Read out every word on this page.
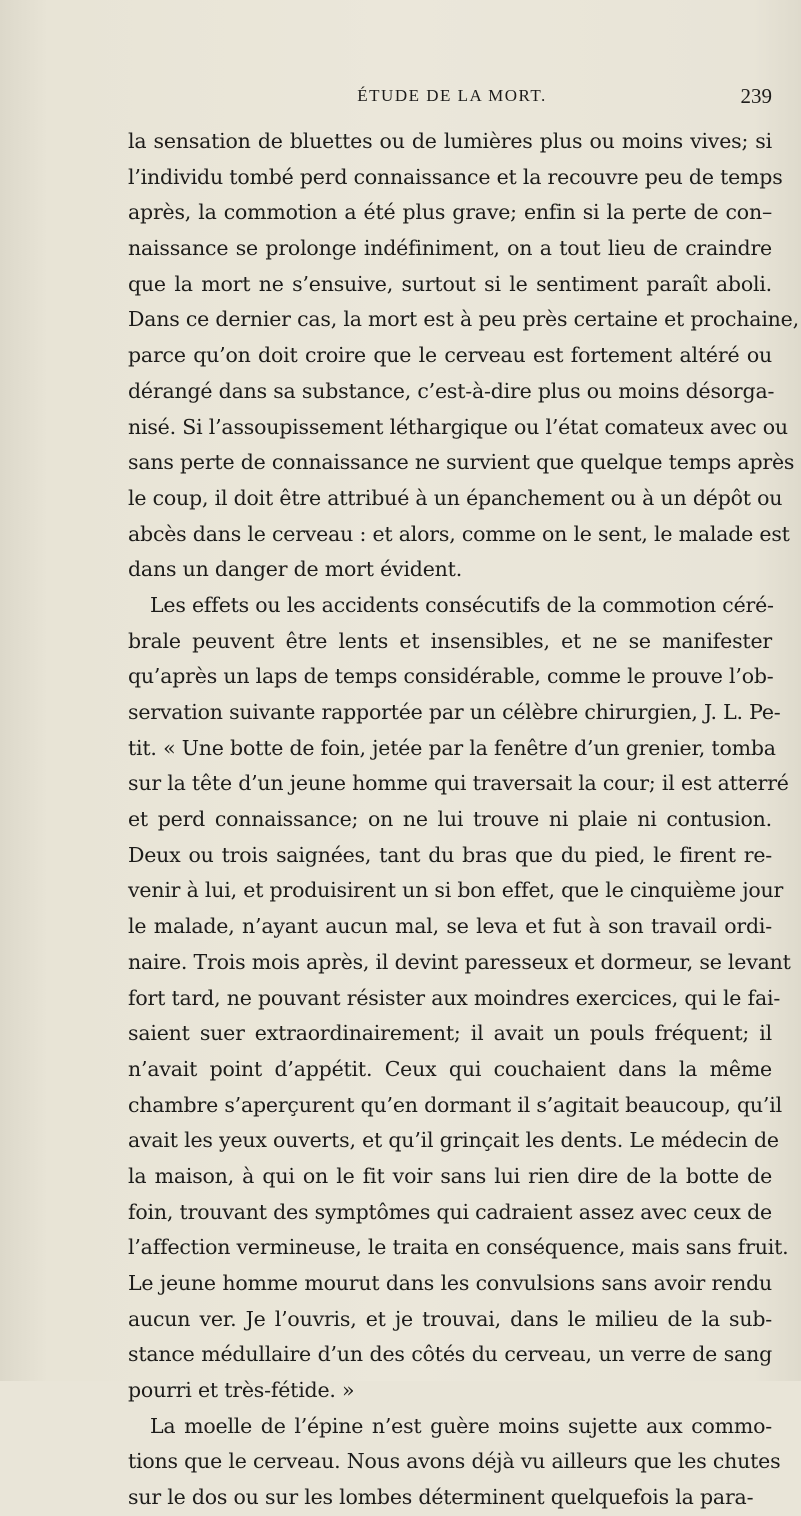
ÉTUDE DE LA MORT.	239

la sensation de bluettes ou de lumières plus ou moins vives; si
l’individu tombé perd connaissance et la recouvre peu de temps
après, la commotion a été plus grave; enfin si la perte de con–
naissance se prolonge indéfiniment, on a tout lieu de craindre
que la mort ne s’ensuive, surtout si le sentiment paraît aboli.
Dans ce dernier cas, la mort est à peu près certaine et prochaine,
parce qu’on doit croire que le cerveau est fortement altéré ou
dérangé dans sa substance, c’est-à-dire plus ou moins désorga-
nisé. Si l’assoupissement léthargique ou l’état comateux avec ou
sans perte de connaissance ne survient que quelque temps après
le coup, il doit être attribué à un épanchement ou à un dépôt ou
abcès dans le cerveau : et alors, comme on le sent, le malade est
dans un danger de mort évident.

Les effets ou les accidents consécutifs de la commotion céré-
brale peuvent être lents et insensibles, et ne se manifester
qu’après un laps de temps considérable, comme le prouve l’ob-
servation suivante rapportée par un célèbre chirurgien, J. L. Pe-
tit. « Une botte de foin, jetée par la fenêtre d’un grenier, tomba
sur la tête d’un jeune homme qui traversait la cour; il est atterré
et perd connaissance; on ne lui trouve ni plaie ni contusion.
Deux ou trois saignées, tant du bras que du pied, le firent re-
venir à lui, et produisirent un si bon effet, que le cinquième jour
le malade, n’ayant aucun mal, se leva et fut à son travail ordi-
naire. Trois mois après, il devint paresseux et dormeur, se levant
fort tard, ne pouvant résister aux moindres exercices, qui le fai-
saient suer extraordinairement; il avait un pouls fréquent; il
n’avait point d’appétit. Ceux qui couchaient dans la même
chambre s’aperçurent qu’en dormant il s’agitait beaucoup, qu’il
avait les yeux ouverts, et qu’il grinçait les dents. Le médecin de
la maison, à qui on le fit voir sans lui rien dire de la botte de
foin, trouvant des symptômes qui cadraient assez avec ceux de
l’affection vermineuse, le traita en conséquence, mais sans fruit.
Le jeune homme mourut dans les convulsions sans avoir rendu
aucun ver. Je l’ouvris, et je trouvai, dans le milieu de la sub-
stance médullaire d’un des côtés du cerveau, un verre de sang
pourri et très-fétide. »

La moelle de l’épine n’est guère moins sujette aux commo-
tions que le cerveau. Nous avons déjà vu ailleurs que les chutes
sur le dos ou sur les lombes déterminent quelquefois la para-
